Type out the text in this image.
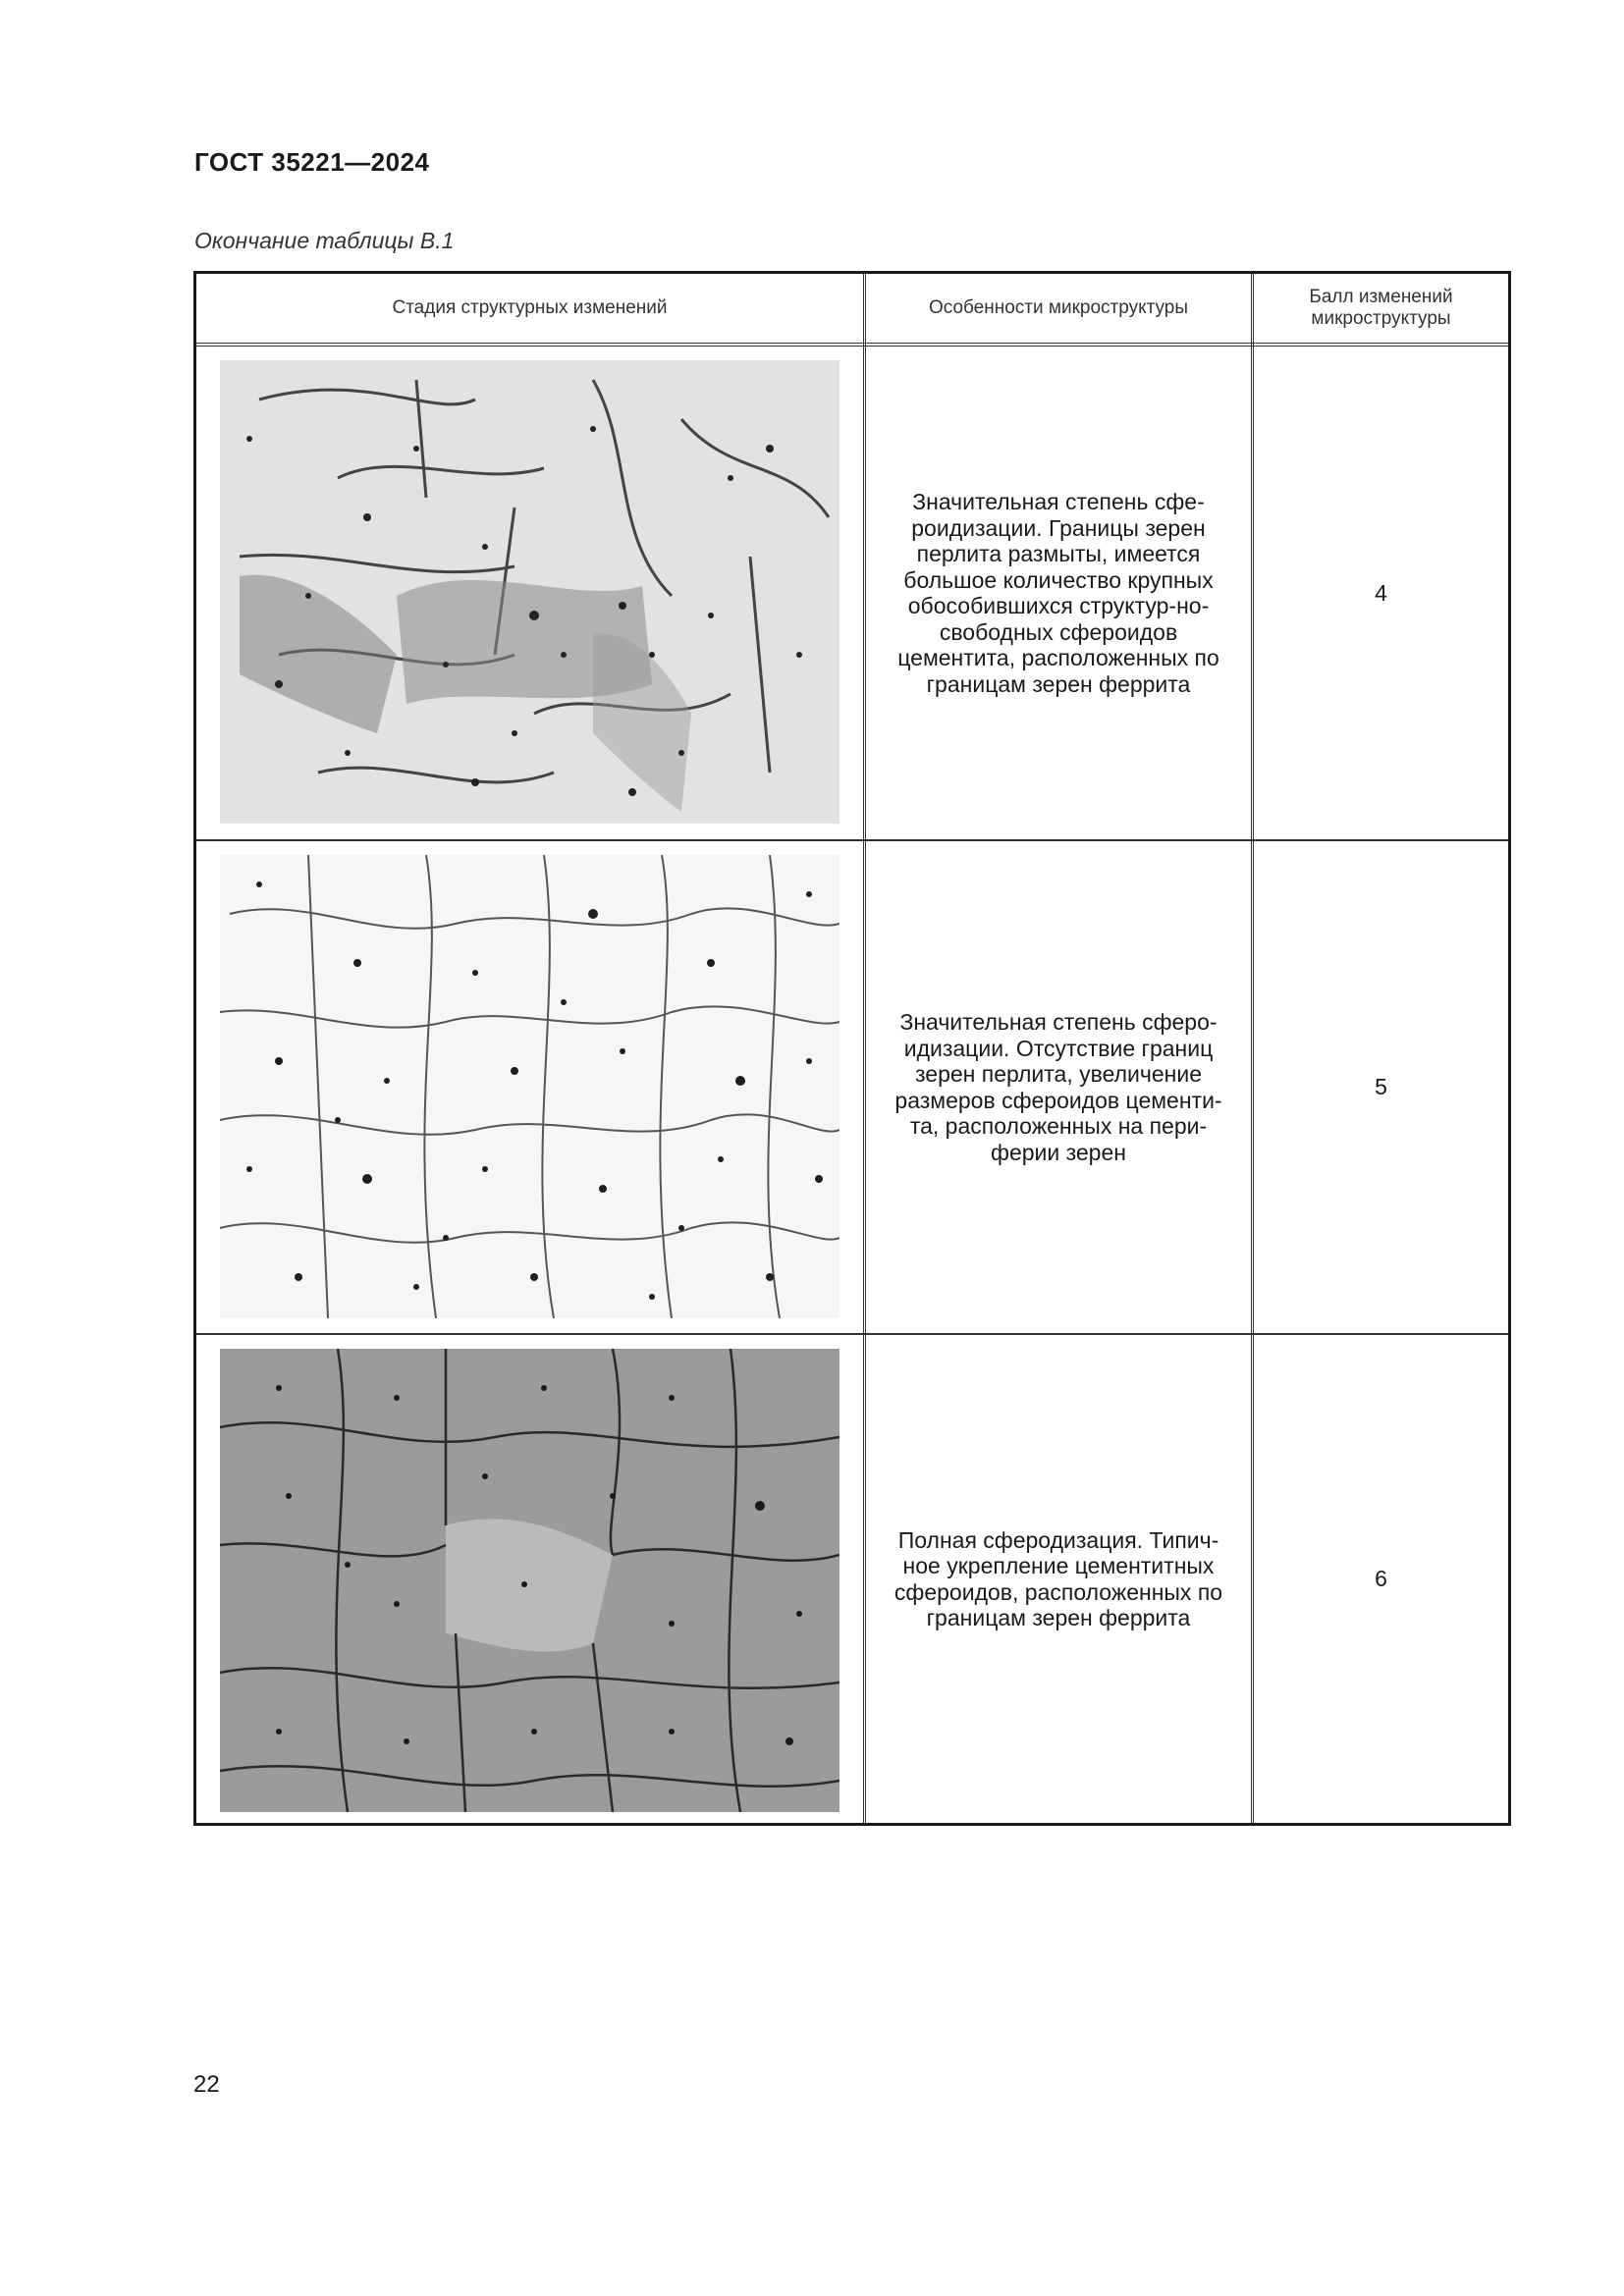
ГОСТ 35221—2024
Окончание таблицы В.1
Стадия структурных изменений	Особенности микроструктуры
Балл изменений микроструктуры
Значительная степень сфе-роидизации. Границы зерен перлита размыты, имеется большое количество крупных обособившихся структур-но-свободных сфероидов цементита, расположенных по границам зерен феррита
4
Значительная степень сферо-идизации. Отсутствие границ зерен перлита, увеличение размеров сфероидов цементи-та, расположенных на пери-ферии зерен
5
Полная сферодизация. Типич-ное укрепление цементитных сфероидов, расположенных по границам зерен феррита
6
22
